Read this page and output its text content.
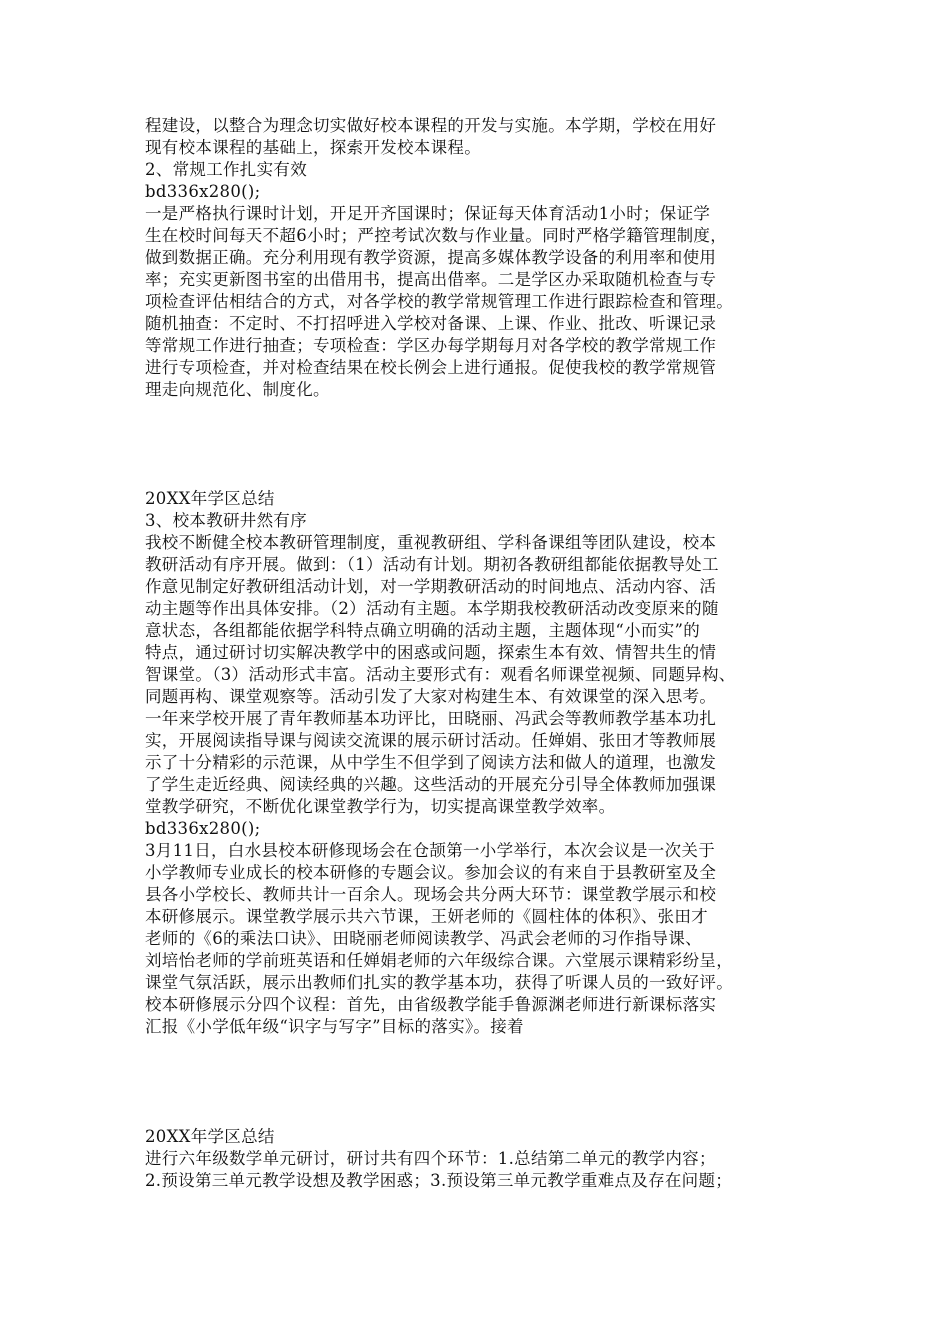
程建设，以整合为理念切实做好校本课程的开发与实施。本学期，学校在用好
现有校本课程的基础上，探索开发校本课程。
2、常规工作扎实有效
bd336x280();
一是严格执行课时计划，开足开齐国课时；保证每天体育活动1小时；保证学
生在校时间每天不超6小时；严控考试次数与作业量。同时严格学籍管理制度，
做到数据正确。充分利用现有教学资源，提高多媒体教学设备的利用率和使用
率；充实更新图书室的出借用书，提高出借率。二是学区办采取随机检查与专
项检查评估相结合的方式，对各学校的教学常规管理工作进行跟踪检查和管理。
随机抽查：不定时、不打招呼进入学校对备课、上课、作业、批改、听课记录
等常规工作进行抽查；专项检查：学区办每学期每月对各学校的教学常规工作
进行专项检查，并对检查结果在校长例会上进行通报。促使我校的教学常规管
理走向规范化、制度化。
20XX年学区总结
3、校本教研井然有序
我校不断健全校本教研管理制度，重视教研组、学科备课组等团队建设，校本
教研活动有序开展。做到：（1）活动有计划。期初各教研组都能依据教导处工
作意见制定好教研组活动计划，对一学期教研活动的时间地点、活动内容、活
动主题等作出具体安排。（2）活动有主题。本学期我校教研活动改变原来的随
意状态，各组都能依据学科特点确立明确的活动主题，主题体现“小而实”的
特点，通过研讨切实解决教学中的困惑或问题，探索生本有效、情智共生的情
智课堂。（3）活动形式丰富。活动主要形式有：观看名师课堂视频、同题异构、
同题再构、课堂观察等。活动引发了大家对构建生本、有效课堂的深入思考。
一年来学校开展了青年教师基本功评比，田晓丽、冯武会等教师教学基本功扎
实，开展阅读指导课与阅读交流课的展示研讨活动。任婵娟、张田才等教师展
示了十分精彩的示范课，从中学生不但学到了阅读方法和做人的道理，也激发
了学生走近经典、阅读经典的兴趣。这些活动的开展充分引导全体教师加强课
堂教学研究，不断优化课堂教学行为，切实提高课堂教学效率。
bd336x280();
3月11日，白水县校本研修现场会在仓颉第一小学举行，本次会议是一次关于
小学教师专业成长的校本研修的专题会议。参加会议的有来自于县教研室及全
县各小学校长、教师共计一百余人。现场会共分两大环节：课堂教学展示和校
本研修展示。课堂教学展示共六节课，王妍老师的《圆柱体的体积》、张田才
老师的《6的乘法口诀》、田晓丽老师阅读教学、冯武会老师的习作指导课、
刘培怡老师的学前班英语和任婵娟老师的六年级综合课。六堂展示课精彩纷呈，
课堂气氛活跃，展示出教师们扎实的教学基本功，获得了听课人员的一致好评。
校本研修展示分四个议程：首先，由省级教学能手鲁源渊老师进行新课标落实
汇报《小学低年级“识字与写字”目标的落实》。接着
20XX年学区总结
进行六年级数学单元研讨，研讨共有四个环节：1.总结第二单元的教学内容；
2.预设第三单元教学设想及教学困惑；3.预设第三单元教学重难点及存在问题；
